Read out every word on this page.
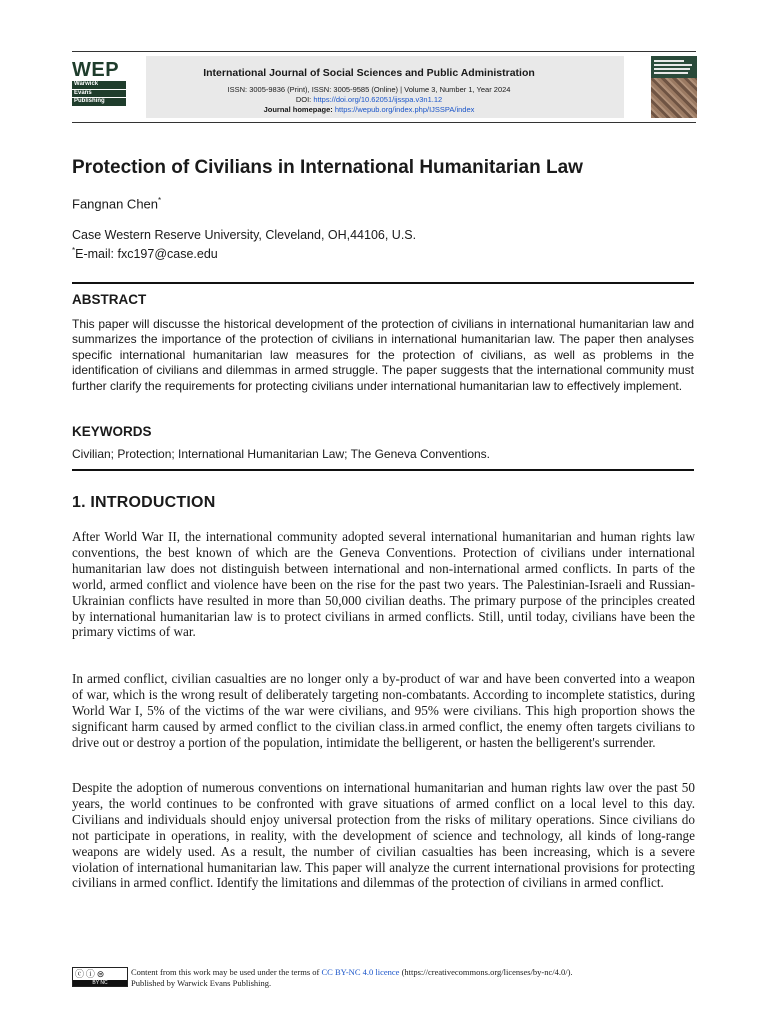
WEP
Warwick
Evans
Publishing
International Journal of Social Sciences and Public Administration
ISSN: 3005-9836 (Print), ISSN: 3005-9585 (Online) | Volume 3, Number 1, Year 2024
DOI: https://doi.org/10.62051/ijsspa.v3n1.12
Journal homepage: https://wepub.org/index.php/IJSSPA/index
Protection of Civilians in International Humanitarian Law
Fangnan Chen*
Case Western Reserve University, Cleveland, OH,44106, U.S.
*E-mail: fxc197@case.edu
ABSTRACT
This paper will discusse the historical development of the protection of civilians in international humanitarian law and summarizes the importance of the protection of civilians in international humanitarian law. The paper then analyses specific international humanitarian law measures for the protection of civilians, as well as problems in the identification of civilians and dilemmas in armed struggle. The paper suggests that the international community must further clarify the requirements for protecting civilians under international humanitarian law to effectively implement.
KEYWORDS
Civilian; Protection; International Humanitarian Law; The Geneva Conventions.
1. INTRODUCTION
After World War II, the international community adopted several international humanitarian and human rights law conventions, the best known of which are the Geneva Conventions. Protection of civilians under international humanitarian law does not distinguish between international and non-international armed conflicts. In parts of the world, armed conflict and violence have been on the rise for the past two years. The Palestinian-Israeli and Russian-Ukrainian conflicts have resulted in more than 50,000 civilian deaths. The primary purpose of the principles created by international humanitarian law is to protect civilians in armed conflicts. Still, until today, civilians have been the primary victims of war.
In armed conflict, civilian casualties are no longer only a by-product of war and have been converted into a weapon of war, which is the wrong result of deliberately targeting non-combatants. According to incomplete statistics, during World War I, 5% of the victims of the war were civilians, and 95% were civilians. This high proportion shows the significant harm caused by armed conflict to the civilian class.in armed conflict, the enemy often targets civilians to drive out or destroy a portion of the population, intimidate the belligerent, or hasten the belligerent's surrender.
Despite the adoption of numerous conventions on international humanitarian and human rights law over the past 50 years, the world continues to be confronted with grave situations of armed conflict on a local level to this day. Civilians and individuals should enjoy universal protection from the risks of military operations. Since civilians do not participate in operations, in reality, with the development of science and technology, all kinds of long-range weapons are widely used. As a result, the number of civilian casualties has been increasing, which is a severe violation of international humanitarian law. This paper will analyze the current international provisions for protecting civilians in armed conflict. Identify the limitations and dilemmas of the protection of civilians in armed conflict.
ⓒ ⓘ ⊜
BY NC
Content from this work may be used under the terms of CC BY-NC 4.0 licence (https://creativecommons.org/licenses/by-nc/4.0/).
Published by Warwick Evans Publishing.
